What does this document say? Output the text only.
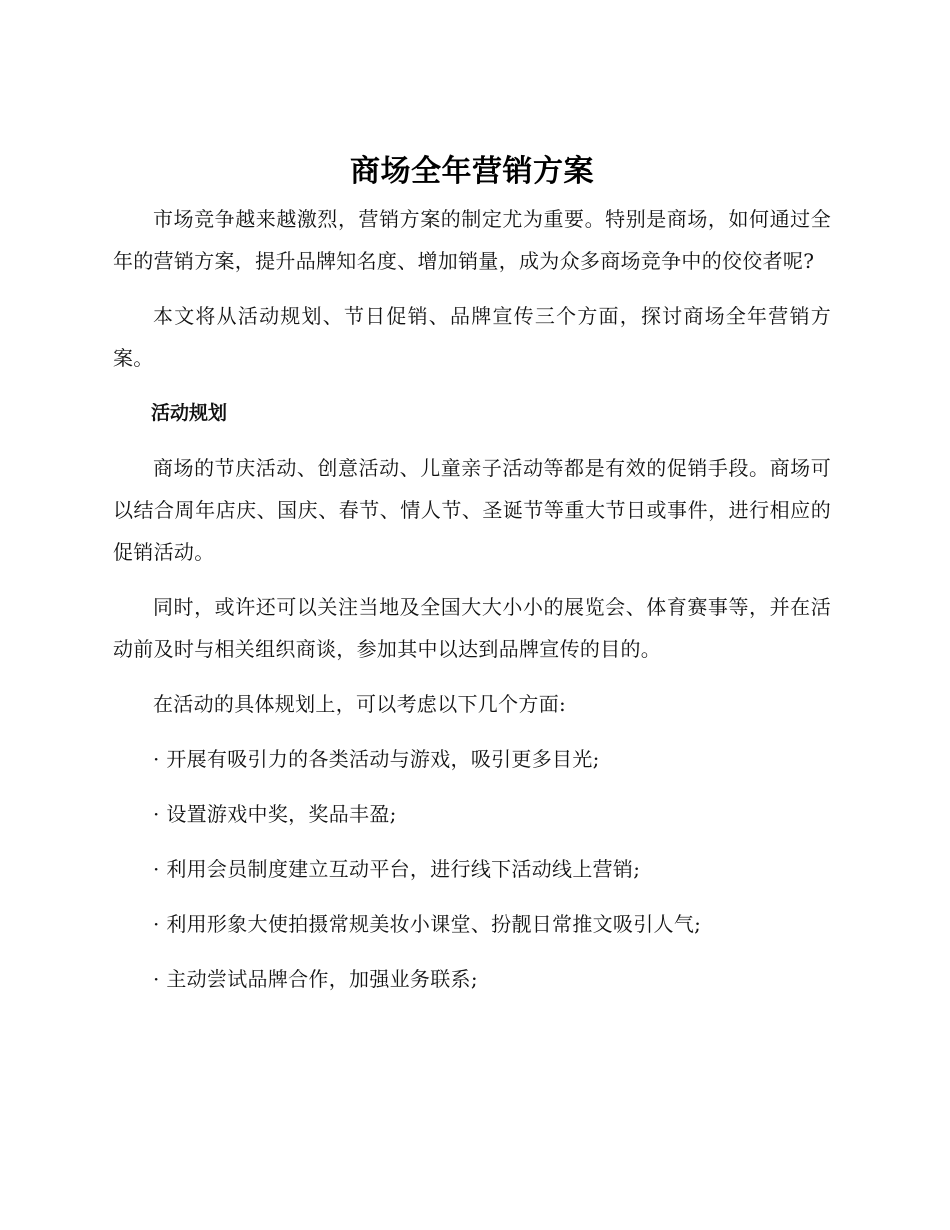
商场全年营销方案

市场竞争越来越激烈，营销方案的制定尤为重要。特别是商场，如何通过全年的营销方案，提升品牌知名度、增加销量，成为众多商场竞争中的佼佼者呢?

本文将从活动规划、节日促销、品牌宣传三个方面，探讨商场全年营销方案。

活动规划

商场的节庆活动、创意活动、儿童亲子活动等都是有效的促销手段。商场可以结合周年店庆、国庆、春节、情人节、圣诞节等重大节日或事件，进行相应的促销活动。

同时，或许还可以关注当地及全国大大小小的展览会、体育赛事等，并在活动前及时与相关组织商谈，参加其中以达到品牌宣传的目的。

在活动的具体规划上，可以考虑以下几个方面:

· 开展有吸引力的各类活动与游戏，吸引更多目光;
· 设置游戏中奖，奖品丰盈;
· 利用会员制度建立互动平台，进行线下活动线上营销;
· 利用形象大使拍摄常规美妆小课堂、扮靓日常推文吸引人气;
· 主动尝试品牌合作，加强业务联系;
